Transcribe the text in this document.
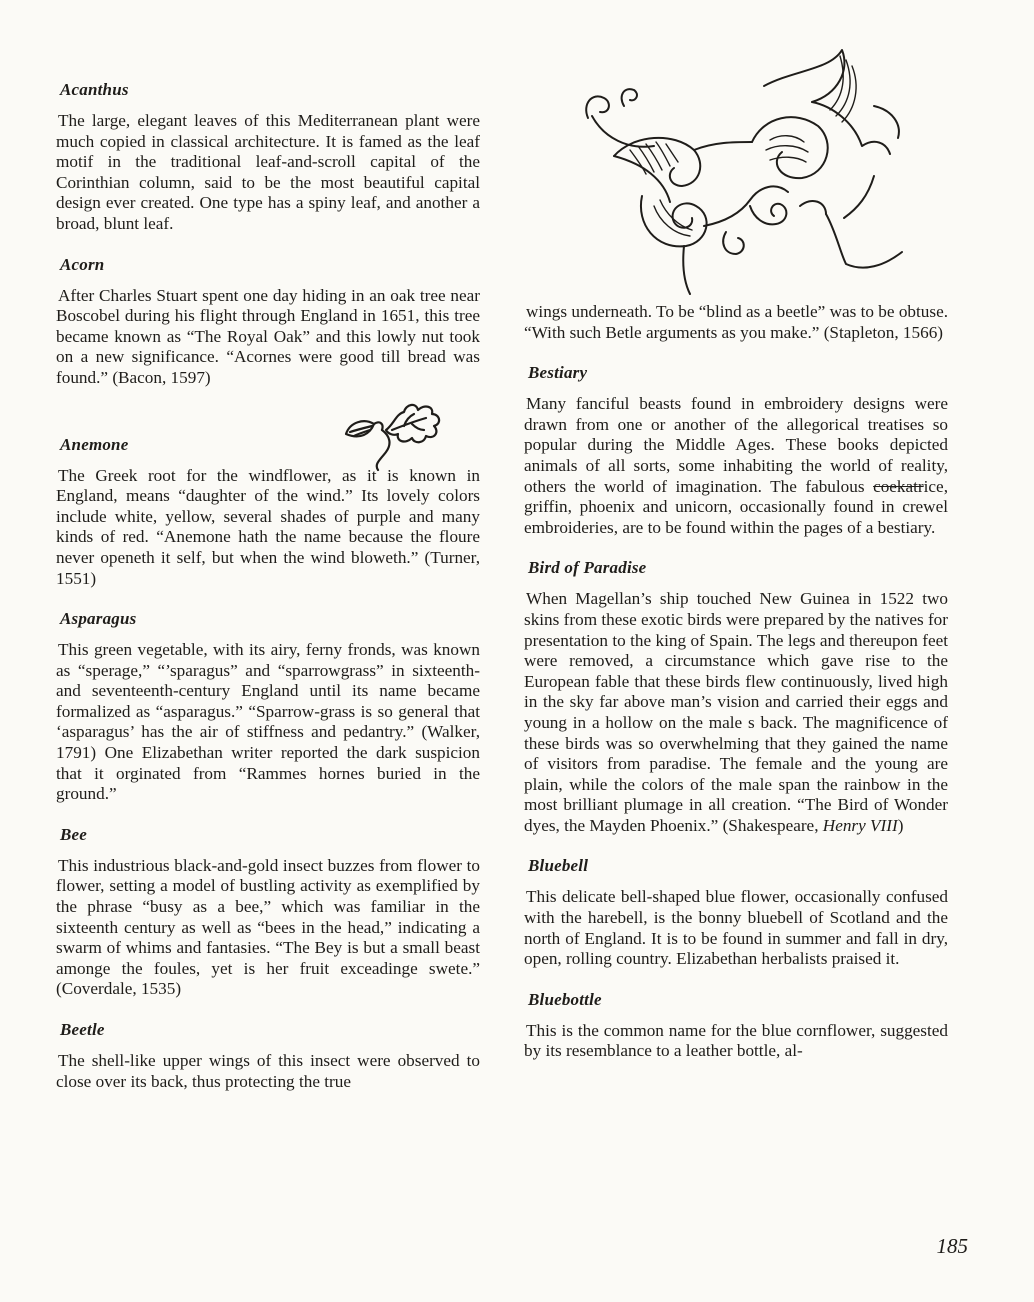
Acanthus

The large, elegant leaves of this Mediterranean plant were much copied in classical architecture. It is famed as the leaf motif in the traditional leaf-and-scroll capital of the Corinthian column, said to be the most beautiful capital design ever created. One type has a spiny leaf, and another a broad, blunt leaf.

Acorn

After Charles Stuart spent one day hiding in an oak tree near Boscobel during his flight through England in 1651, this tree became known as “The Royal Oak” and this lowly nut took on a new significance. “Acornes were good till bread was found.” (Bacon, 1597)

Anemone

The Greek root for the windflower, as it is known in England, means “daughter of the wind.” Its lovely colors include white, yellow, several shades of purple and many kinds of red. “Anemone hath the name because the floure never openeth it self, but when the wind bloweth.” (Turner, 1551)

Asparagus

This green vegetable, with its airy, ferny fronds, was known as “sperage,” “’sparagus” and “sparrowgrass” in sixteenth- and seventeenth-century England until its name became formalized as “asparagus.” “Sparrow-grass is so general that ‘asparagus’ has the air of stiffness and pedantry.” (Walker, 1791) One Elizabethan writer reported the dark suspicion that it orginated from “Rammes hornes buried in the ground.”

Bee

This industrious black-and-gold insect buzzes from flower to flower, setting a model of bustling activity as exemplified by the phrase “busy as a bee,” which was familiar in the sixteenth century as well as “bees in the head,” indicating a swarm of whims and fantasies. “The Bey is but a small beast amonge the foules, yet is her fruit exceadinge swete.” (Coverdale, 1535)

Beetle

The shell-like upper wings of this insect were observed to close over its back, thus protecting the true

wings underneath. To be “blind as a beetle” was to be obtuse. “With such Betle arguments as you make.” (Stapleton, 1566)

Bestiary

Many fanciful beasts found in embroidery designs were drawn from one or another of the allegorical treatises so popular during the Middle Ages. These books depicted animals of all sorts, some inhabiting the world of reality, others the world of imagination. The fabulous coekatrice, griffin, phoenix and unicorn, occasionally found in crewel embroideries, are to be found within the pages of a bestiary.

Bird of Paradise

When Magellan’s ship touched New Guinea in 1522 two skins from these exotic birds were prepared by the natives for presentation to the king of Spain. The legs and thereupon feet were removed, a circumstance which gave rise to the European fable that these birds flew continuously, lived high in the sky far above man’s vision and carried their eggs and young in a hollow on the male s back. The magnificence of these birds was so overwhelming that they gained the name of visitors from paradise. The female and the young are plain, while the colors of the male span the rainbow in the most brilliant plumage in all creation. “The Bird of Wonder dyes, the Mayden Phoenix.” (Shakespeare, Henry VIII)

Bluebell

This delicate bell-shaped blue flower, occasionally confused with the harebell, is the bonny bluebell of Scotland and the north of England. It is to be found in summer and fall in dry, open, rolling country. Elizabethan herbalists praised it.

Bluebottle

This is the common name for the blue cornflower, suggested by its resemblance to a leather bottle, al-

185
